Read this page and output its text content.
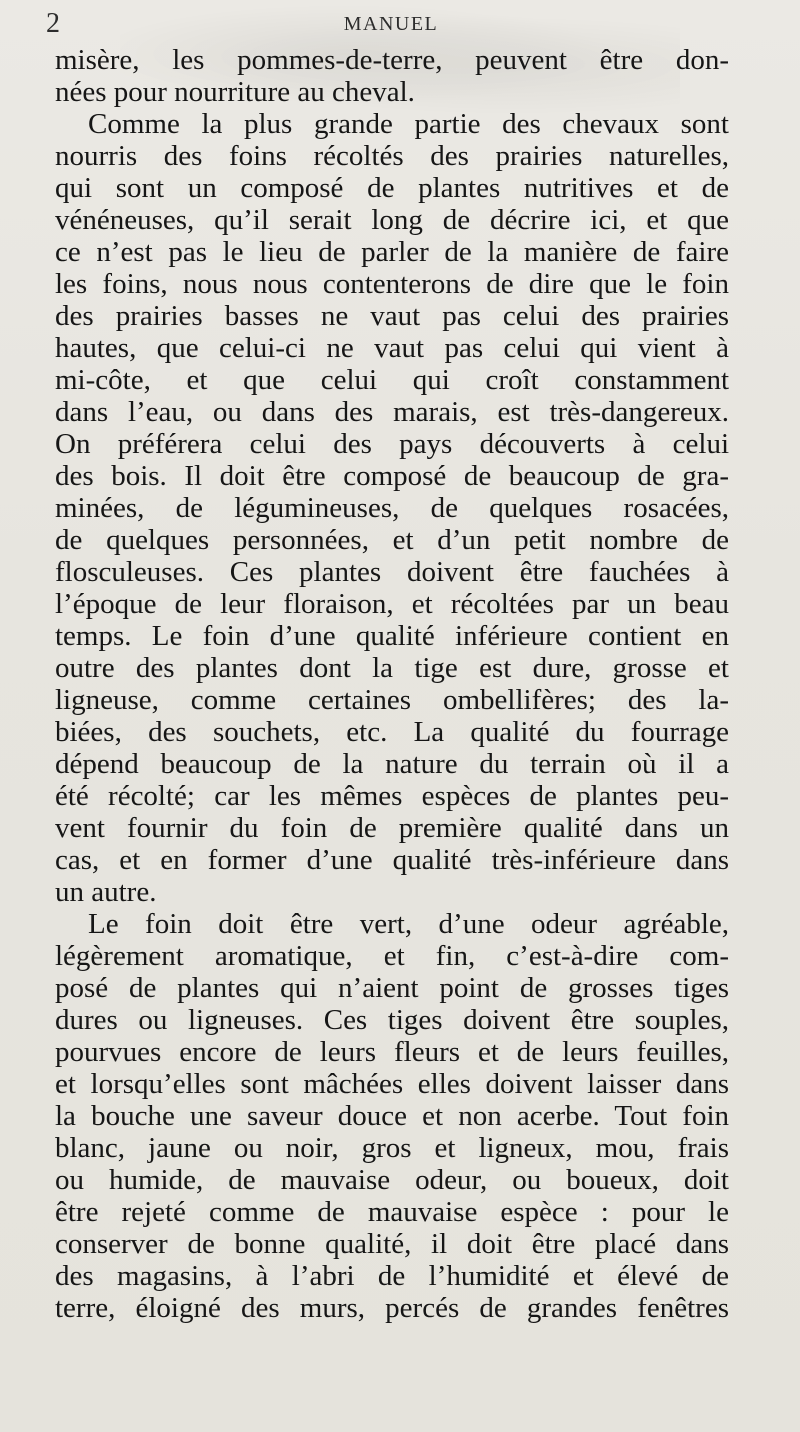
2	MANUEL

misère, les pommes-de-terre, peuvent être don-

nées pour nourriture au cheval.

Comme la plus grande partie des chevaux sont

nourris des foins récoltés des prairies naturelles,

qui sont un composé de plantes nutritives et de

vénéneuses, qu’il serait long de décrire ici, et que

ce n’est pas le lieu de parler de la manière de faire

les foins, nous nous contenterons de dire que le foin

des prairies basses ne vaut pas celui des prairies

hautes, que celui-ci ne vaut pas celui qui vient à

mi-côte, et que celui qui croît constamment

dans l’eau, ou dans des marais, est très-dangereux.

On préférera celui des pays découverts à celui

des bois. Il doit être composé de beaucoup de gra-

minées, de légumineuses, de quelques rosacées,

de quelques personnées, et d’un petit nombre de

flosculeuses. Ces plantes doivent être fauchées à

l’époque de leur floraison, et récoltées par un beau

temps. Le foin d’une qualité inférieure contient en

outre des plantes dont la tige est dure, grosse et

ligneuse, comme certaines ombellifères; des la-

biées, des souchets, etc. La qualité du fourrage

dépend beaucoup de la nature du terrain où il a

été récolté; car les mêmes espèces de plantes peu-

vent fournir du foin de première qualité dans un

cas, et en former d’une qualité très-inférieure dans

un autre.

Le foin doit être vert, d’une odeur agréable,

légèrement aromatique, et fin, c’est-à-dire com-

posé de plantes qui n’aient point de grosses tiges

dures ou ligneuses. Ces tiges doivent être souples,

pourvues encore de leurs fleurs et de leurs feuilles,

et lorsqu’elles sont mâchées elles doivent laisser dans

la bouche une saveur douce et non acerbe. Tout foin

blanc, jaune ou noir, gros et ligneux, mou, frais

ou humide, de mauvaise odeur, ou boueux, doit

être rejeté comme de mauvaise espèce : pour le

conserver de bonne qualité, il doit être placé dans

des magasins, à l’abri de l’humidité et élevé de

terre, éloigné des murs, percés de grandes fenêtres
